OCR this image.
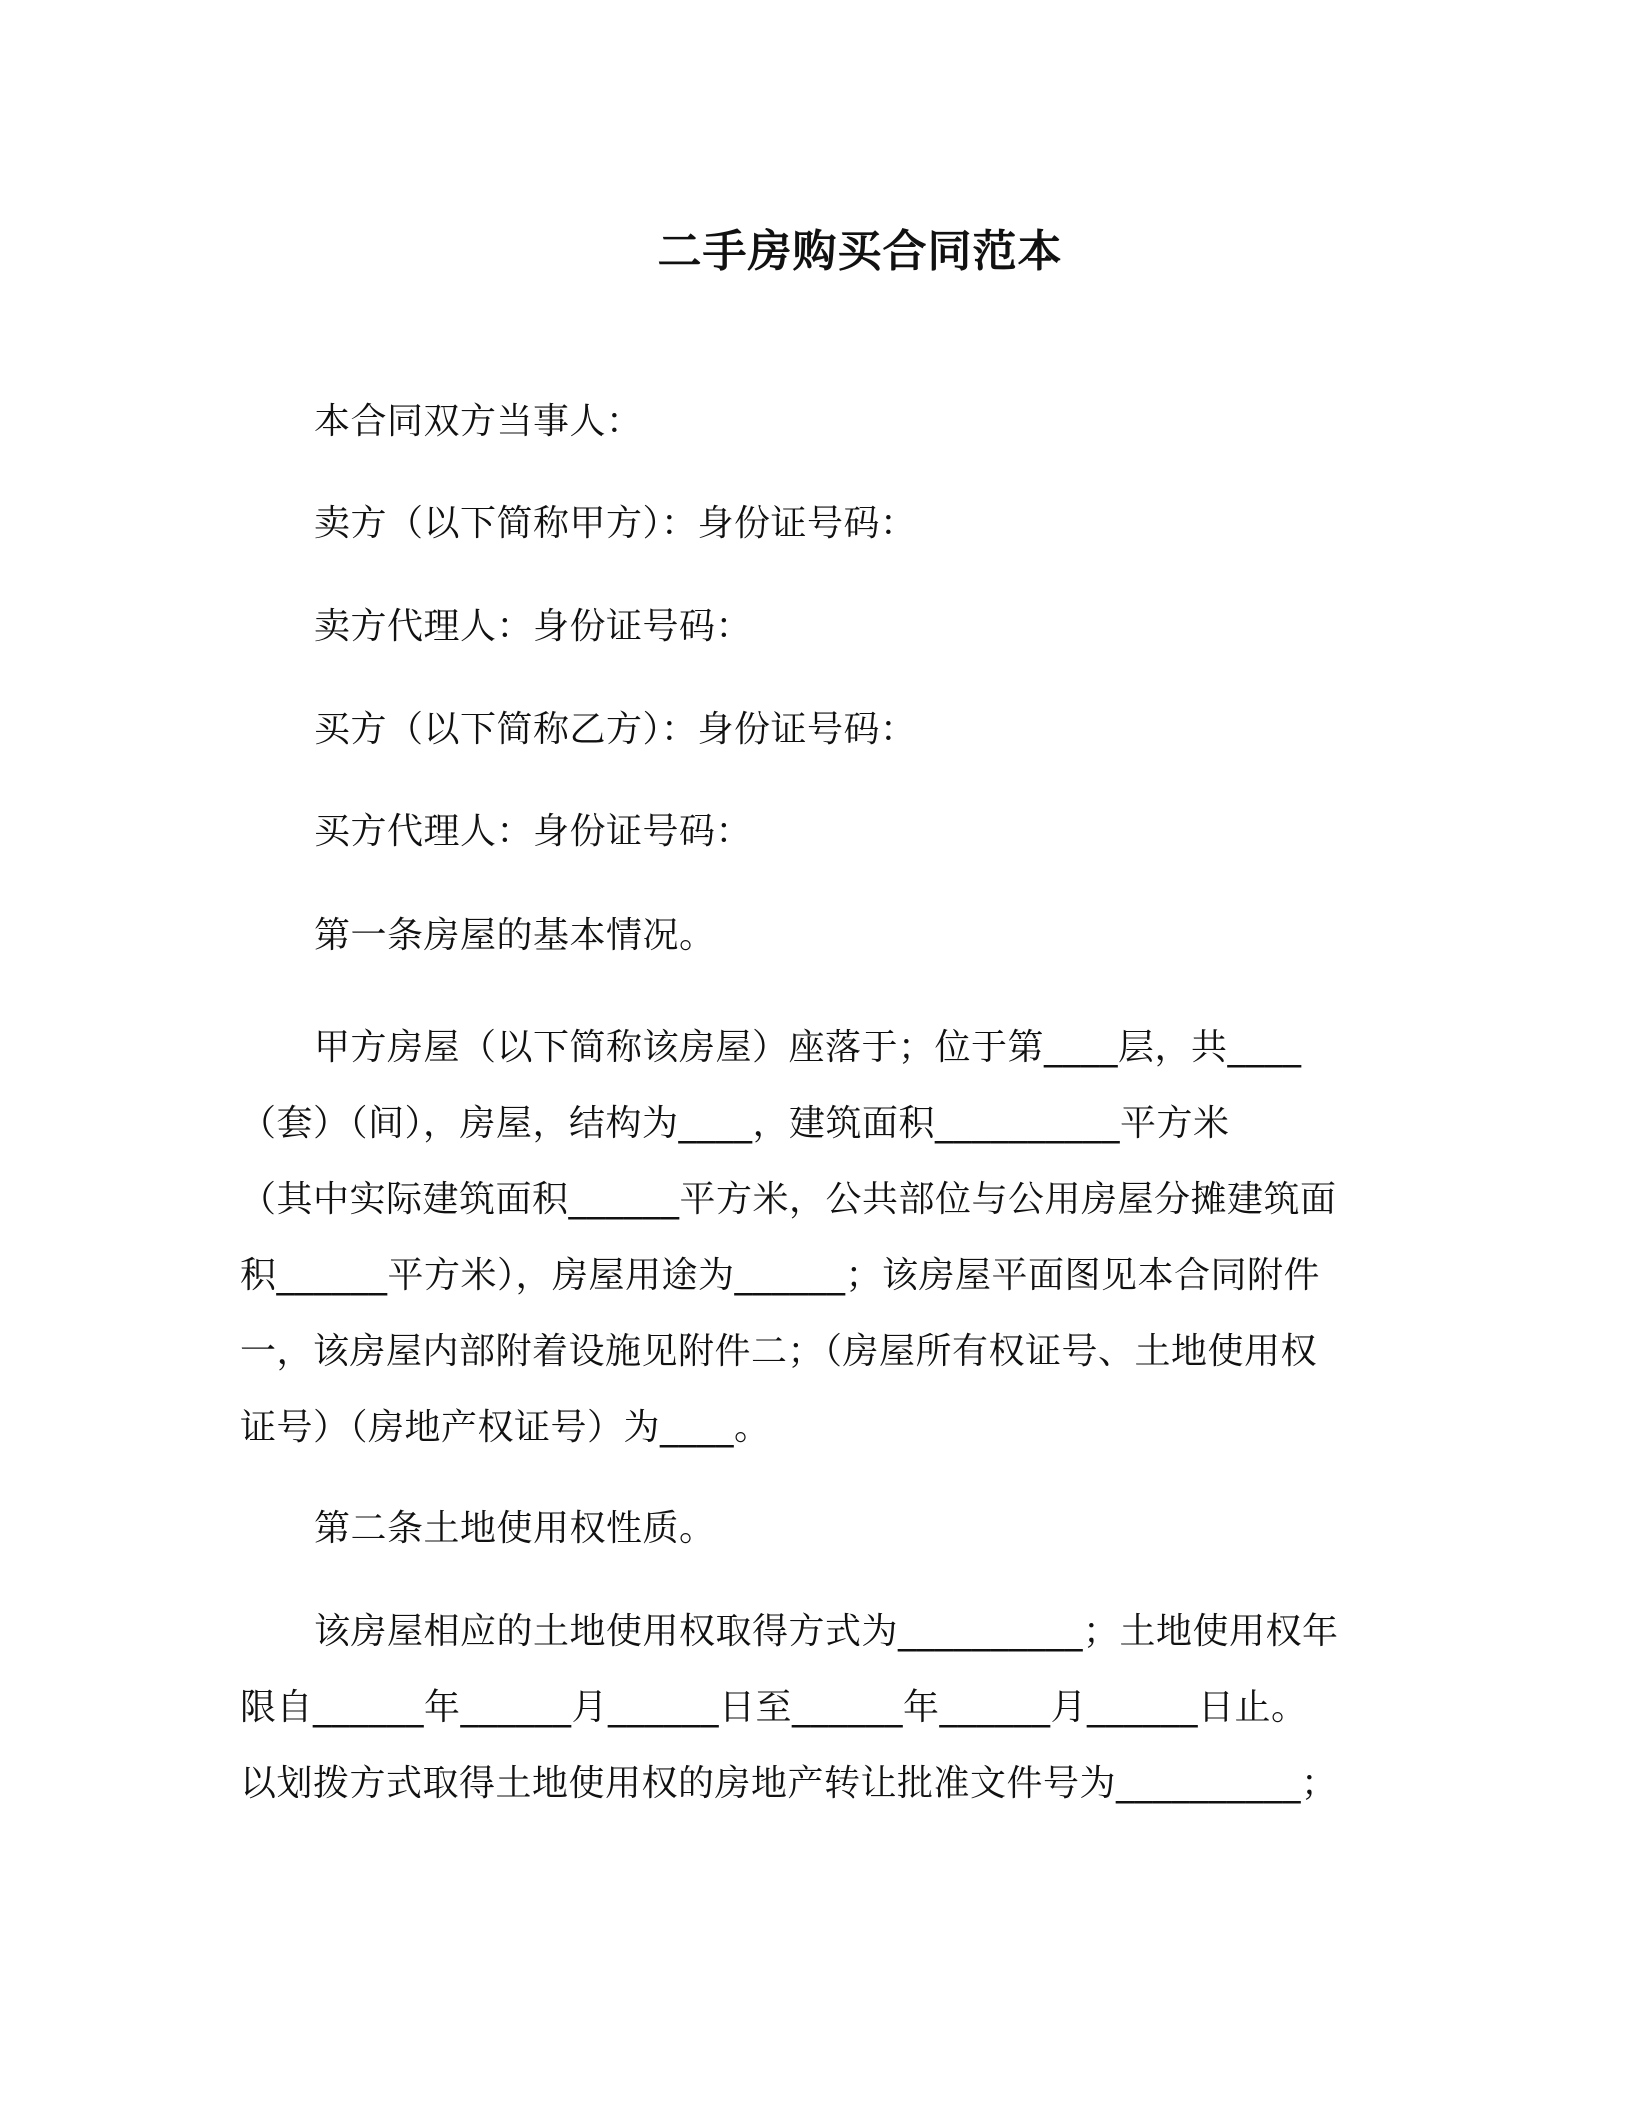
二手房购买合同范本
本合同双方当事人：
卖方（以下简称甲方）：身份证号码：
卖方代理人：身份证号码：
买方（以下简称乙方）：身份证号码：
买方代理人：身份证号码：
第一条房屋的基本情况。
甲方房屋（以下简称该房屋）座落于；位于第____层，共____
（套）（间），房屋，结构为____，建筑面积__________平方米
（其中实际建筑面积______平方米，公共部位与公用房屋分摊建筑面
积______平方米），房屋用途为______；该房屋平面图见本合同附件
一，该房屋内部附着设施见附件二；（房屋所有权证号、土地使用权
证号）（房地产权证号）为____。
第二条土地使用权性质。
该房屋相应的土地使用权取得方式为__________；土地使用权年
限自______年______月______日至______年______月______日止。
以划拨方式取得土地使用权的房地产转让批准文件号为__________；
